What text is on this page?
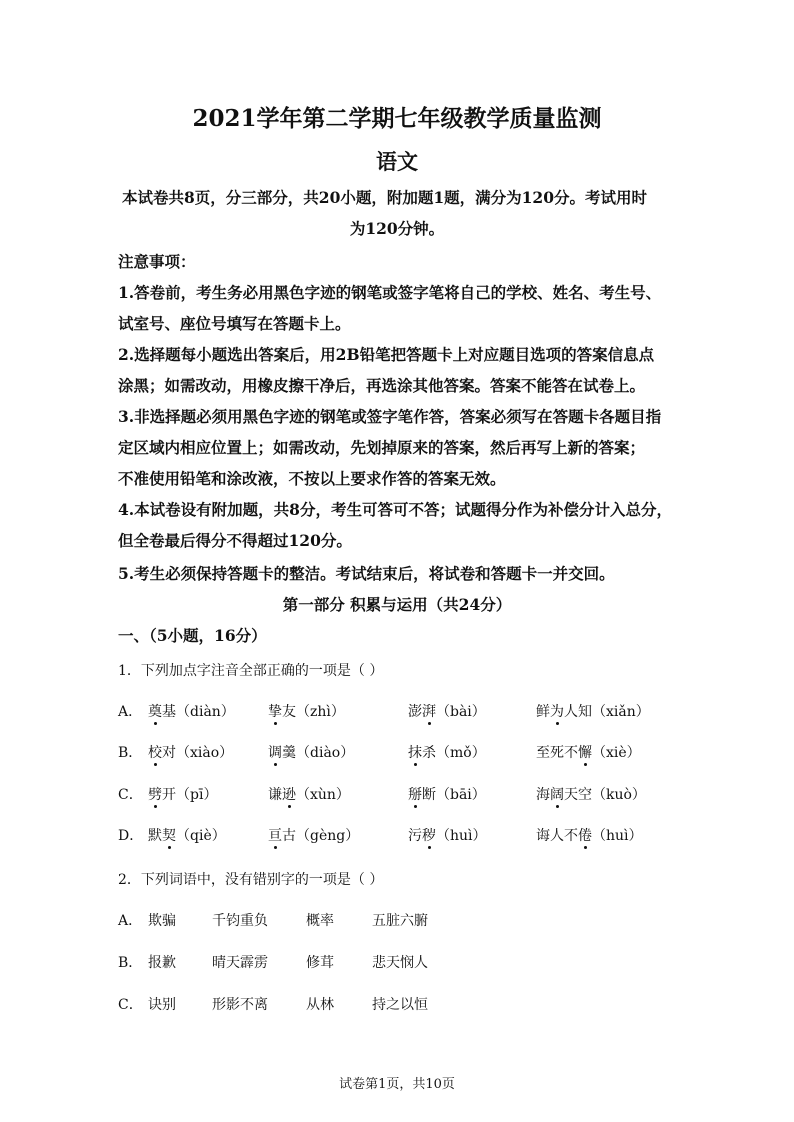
2021学年第二学期七年级教学质量监测
语文
本试卷共8页，分三部分，共20小题，附加题1题，满分为120分。考试用时
为120分钟。
注意事项：
1.答卷前，考生务必用黑色字迹的钢笔或签字笔将自己的学校、姓名、考生号、
试室号、座位号填写在答题卡上。
2.选择题每小题选出答案后，用2B铅笔把答题卡上对应题目选项的答案信息点
涂黑；如需改动，用橡皮擦干净后，再选涂其他答案。答案不能答在试卷上。
3.非选择题必须用黑色字迹的钢笔或签字笔作答，答案必须写在答题卡各题目指
定区域内相应位置上；如需改动，先划掉原来的答案，然后再写上新的答案；
不准使用铅笔和涂改液，不按以上要求作答的答案无效。
4.本试卷设有附加题，共8分，考生可答可不答；试题得分作为补偿分计入总分，
但全卷最后得分不得超过120分。
5.考生必须保持答题卡的整洁。考试结束后，将试卷和答题卡一并交回。
第一部分 积累与运用（共24分）
一、（5小题，16分）
1．下列加点字注音全部正确的一项是（ ）
A． 奠基（diàn） 挚友（zhì）	澎湃（bài）	鲜为人知（xiǎn）
B． 校对（xiào） 调羹（diào）	抹杀（mǒ）	至死不懈（xiè）
C． 劈开（pī）	谦逊（xùn）	掰断（bāi）	海阔天空（kuò）
D． 默契（qiè）	亘古（gèng）	污秽（huì）	诲人不倦（huì）
2．下列词语中，没有错别字的一项是（ ）
A． 欺骗	千钧重负	概率	五脏六腑
B． 报歉	晴天霹雳	修茸	悲天悯人
C． 诀别	形影不离	从林	持之以恒
试卷第1页，共10页
